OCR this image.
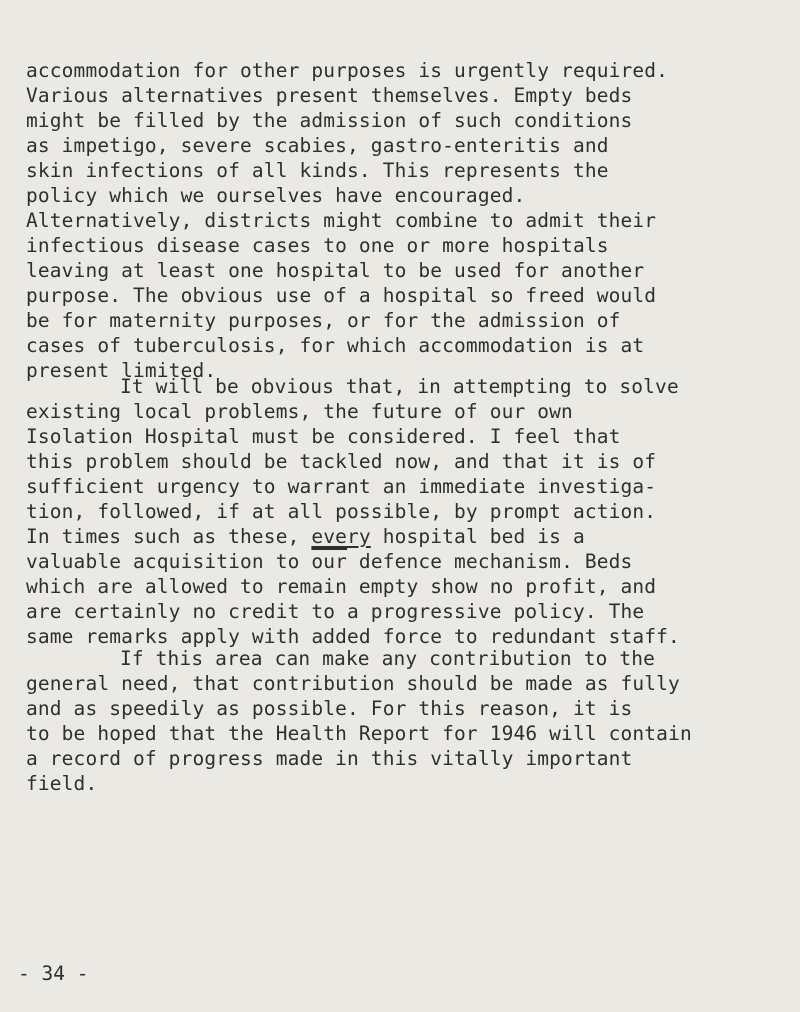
accommodation for other purposes is urgently required.
Various alternatives present themselves. Empty beds
might be filled by the admission of such conditions
as impetigo, severe scabies, gastro-enteritis and
skin infections of all kinds. This represents the
policy which we ourselves have encouraged.
Alternatively, districts might combine to admit their
infectious disease cases to one or more hospitals
leaving at least one hospital to be used for another
purpose. The obvious use of a hospital so freed would
be for maternity purposes, or for the admission of
cases of tuberculosis, for which accommodation is at
present limited.
It will be obvious that, in attempting to solve
existing local problems, the future of our own
Isolation Hospital must be considered. I feel that
this problem should be tackled now, and that it is of
sufficient urgency to warrant an immediate investiga-
tion, followed, if at all possible, by prompt action.
In times such as these, every hospital bed is a
valuable acquisition to $\overline{our}$ defence mechanism. Beds
which are allowed to remain empty show no profit, and
are certainly no credit to a progressive policy. The
same remarks apply with added force to redundant staff.
If this area can make any contribution to the
general need, that contribution should be made as fully
and as speedily as possible. For this reason, it is
to be hoped that the Health Report for 1946 will contain
a record of progress made in this vitally important
field.

- 34 -
